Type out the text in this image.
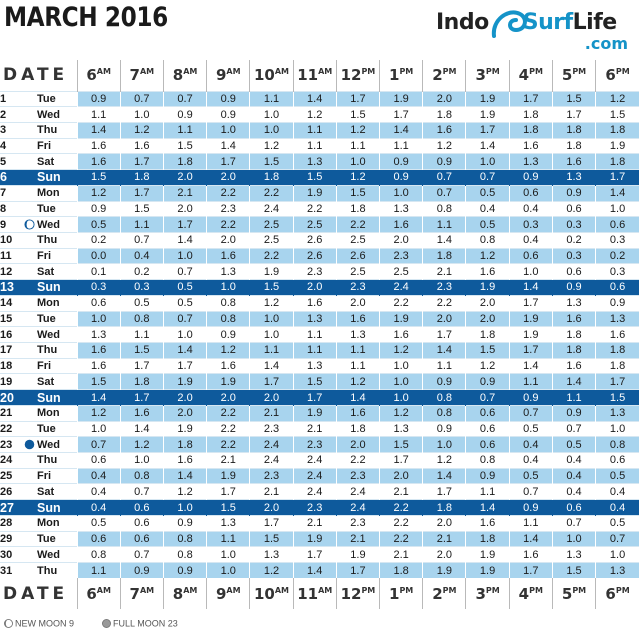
MARCH 2016	Indo SurfLife
.com
DATE			$6^{AM}$	$7^{AM}$	$8^{AM}$	$9^{AM}$	$10^{AM}$	$11^{AM}$	$12^{PM}$	$1^{PM}$	$2^{PM}$	$3^{PM}$	$4^{PM}$	$5^{PM}$	$6^{PM}$
1		Tue	0.9	0.7	0.7	0.9	1.1	1.4	1.7	1.9	2.0	1.9	1.7	1.5	1.2
2		Wed	1.1	1.0	0.9	0.9	1.0	1.2	1.5	1.7	1.8	1.9	1.8	1.7	1.5
3		Thu	1.4	1.2	1.1	1.0	1.0	1.1	1.2	1.4	1.6	1.7	1.8	1.8	1.8
4		Fri	1.6	1.6	1.5	1.4	1.2	1.1	1.1	1.1	1.2	1.4	1.6	1.8	1.9
5		Sat	1.6	1.7	1.8	1.7	1.5	1.3	1.0	0.9	0.9	1.0	1.3	1.6	1.8
6		Sun	1.5	1.8	2.0	2.0	1.8	1.5	1.2	0.9	0.7	0.7	0.9	1.3	1.7
7		Mon	1.2	1.7	2.1	2.2	2.2	1.9	1.5	1.0	0.7	0.5	0.6	0.9	1.4
8		Tue	0.9	1.5	2.0	2.3	2.4	2.2	1.8	1.3	0.8	0.4	0.4	0.6	1.0
9		Wed	0.5	1.1	1.7	2.2	2.5	2.5	2.2	1.6	1.1	0.5	0.3	0.3	0.6
10		Thu	0.2	0.7	1.4	2.0	2.5	2.6	2.5	2.0	1.4	0.8	0.4	0.2	0.3
11		Fri	0.0	0.4	1.0	1.6	2.2	2.6	2.6	2.3	1.8	1.2	0.6	0.3	0.2
12		Sat	0.1	0.2	0.7	1.3	1.9	2.3	2.5	2.5	2.1	1.6	1.0	0.6	0.3
13		Sun	0.3	0.3	0.5	1.0	1.5	2.0	2.3	2.4	2.3	1.9	1.4	0.9	0.6
14		Mon	0.6	0.5	0.5	0.8	1.2	1.6	2.0	2.2	2.2	2.0	1.7	1.3	0.9
15		Tue	1.0	0.8	0.7	0.8	1.0	1.3	1.6	1.9	2.0	2.0	1.9	1.6	1.3
16		Wed	1.3	1.1	1.0	0.9	1.0	1.1	1.3	1.6	1.7	1.8	1.9	1.8	1.6
17		Thu	1.6	1.5	1.4	1.2	1.1	1.1	1.1	1.2	1.4	1.5	1.7	1.8	1.8
18		Fri	1.6	1.7	1.7	1.6	1.4	1.3	1.1	1.0	1.1	1.2	1.4	1.6	1.8
19		Sat	1.5	1.8	1.9	1.9	1.7	1.5	1.2	1.0	0.9	0.9	1.1	1.4	1.7
20		Sun	1.4	1.7	2.0	2.0	2.0	1.7	1.4	1.0	0.8	0.7	0.9	1.1	1.5
21		Mon	1.2	1.6	2.0	2.2	2.1	1.9	1.6	1.2	0.8	0.6	0.7	0.9	1.3
22		Tue	1.0	1.4	1.9	2.2	2.3	2.1	1.8	1.3	0.9	0.6	0.5	0.7	1.0
23		Wed	0.7	1.2	1.8	2.2	2.4	2.3	2.0	1.5	1.0	0.6	0.4	0.5	0.8
24		Thu	0.6	1.0	1.6	2.1	2.4	2.4	2.2	1.7	1.2	0.8	0.4	0.4	0.6
25		Fri	0.4	0.8	1.4	1.9	2.3	2.4	2.3	2.0	1.4	0.9	0.5	0.4	0.5
26		Sat	0.4	0.7	1.2	1.7	2.1	2.4	2.4	2.1	1.7	1.1	0.7	0.4	0.4
27		Sun	0.4	0.6	1.0	1.5	2.0	2.3	2.4	2.2	1.8	1.4	0.9	0.6	0.4
28		Mon	0.5	0.6	0.9	1.3	1.7	2.1	2.3	2.2	2.0	1.6	1.1	0.7	0.5
29		Tue	0.6	0.6	0.8	1.1	1.5	1.9	2.1	2.2	2.1	1.8	1.4	1.0	0.7
30		Wed	0.8	0.7	0.8	1.0	1.3	1.7	1.9	2.1	2.0	1.9	1.6	1.3	1.0
31		Thu	1.1	0.9	0.9	1.0	1.2	1.4	1.7	1.8	1.9	1.9	1.7	1.5	1.3
DATE			$6^{AM}$	$7^{AM}$	$8^{AM}$	$9^{AM}$	$10^{AM}$	$11^{AM}$	$12^{PM}$	$1^{PM}$	$2^{PM}$	$3^{PM}$	$4^{PM}$	$5^{PM}$	$6^{PM}$
NEW MOON 9	FULL MOON 23
